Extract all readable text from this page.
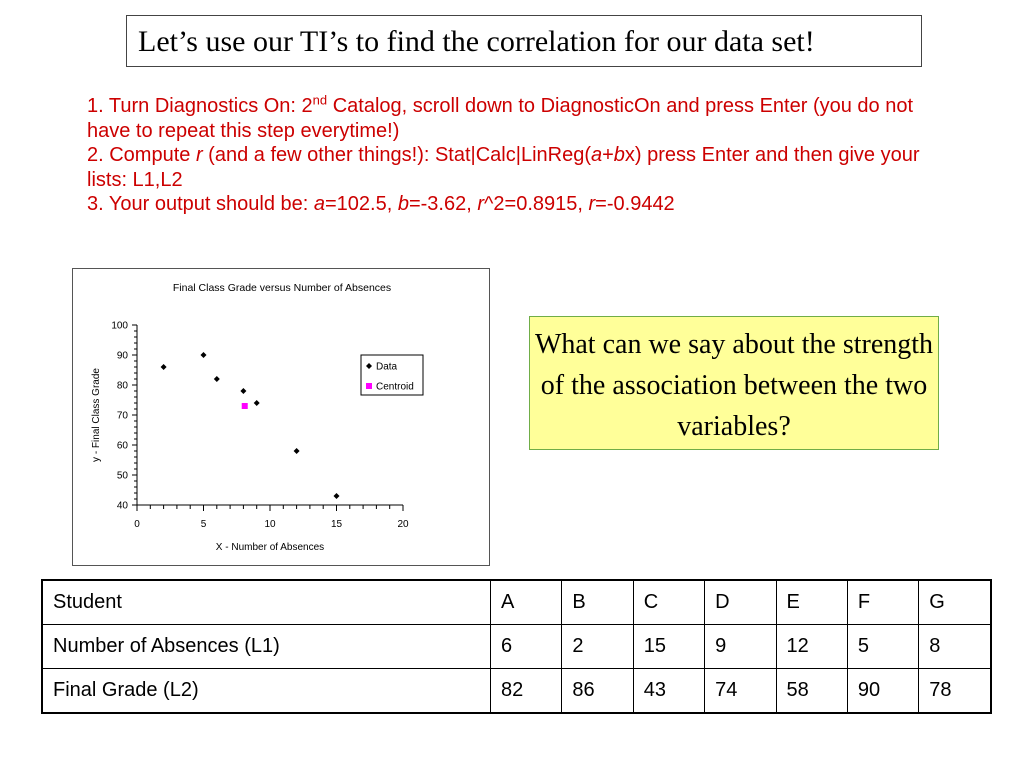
Let’s use our TI’s to find the correlation for our data set!
1. Turn Diagnostics On: 2nd Catalog, scroll down to DiagnosticOn and press Enter (you do not have to repeat this step everytime!)
2. Compute r (and a few other things!): Stat|Calc|LinReg(a+bx) press Enter and then give your lists: L1,L2
3. Your output should be: a=102.5, b=-3.62, r^2=0.8915, r=-0.9442
Final Class Grade versus Number of Absences
40
50
60
70
80
90
100
0	5	10	15	20
X - Number of Absences
y - Final Class Grade
Data
Centroid
What can we say about the strength of the association between the two variables?
Student	A	B	C	D	E	F	G
Number of Absences (L1)	6	2	15	9	12	5	8
Final Grade (L2)	82	86	43	74	58	90	78
